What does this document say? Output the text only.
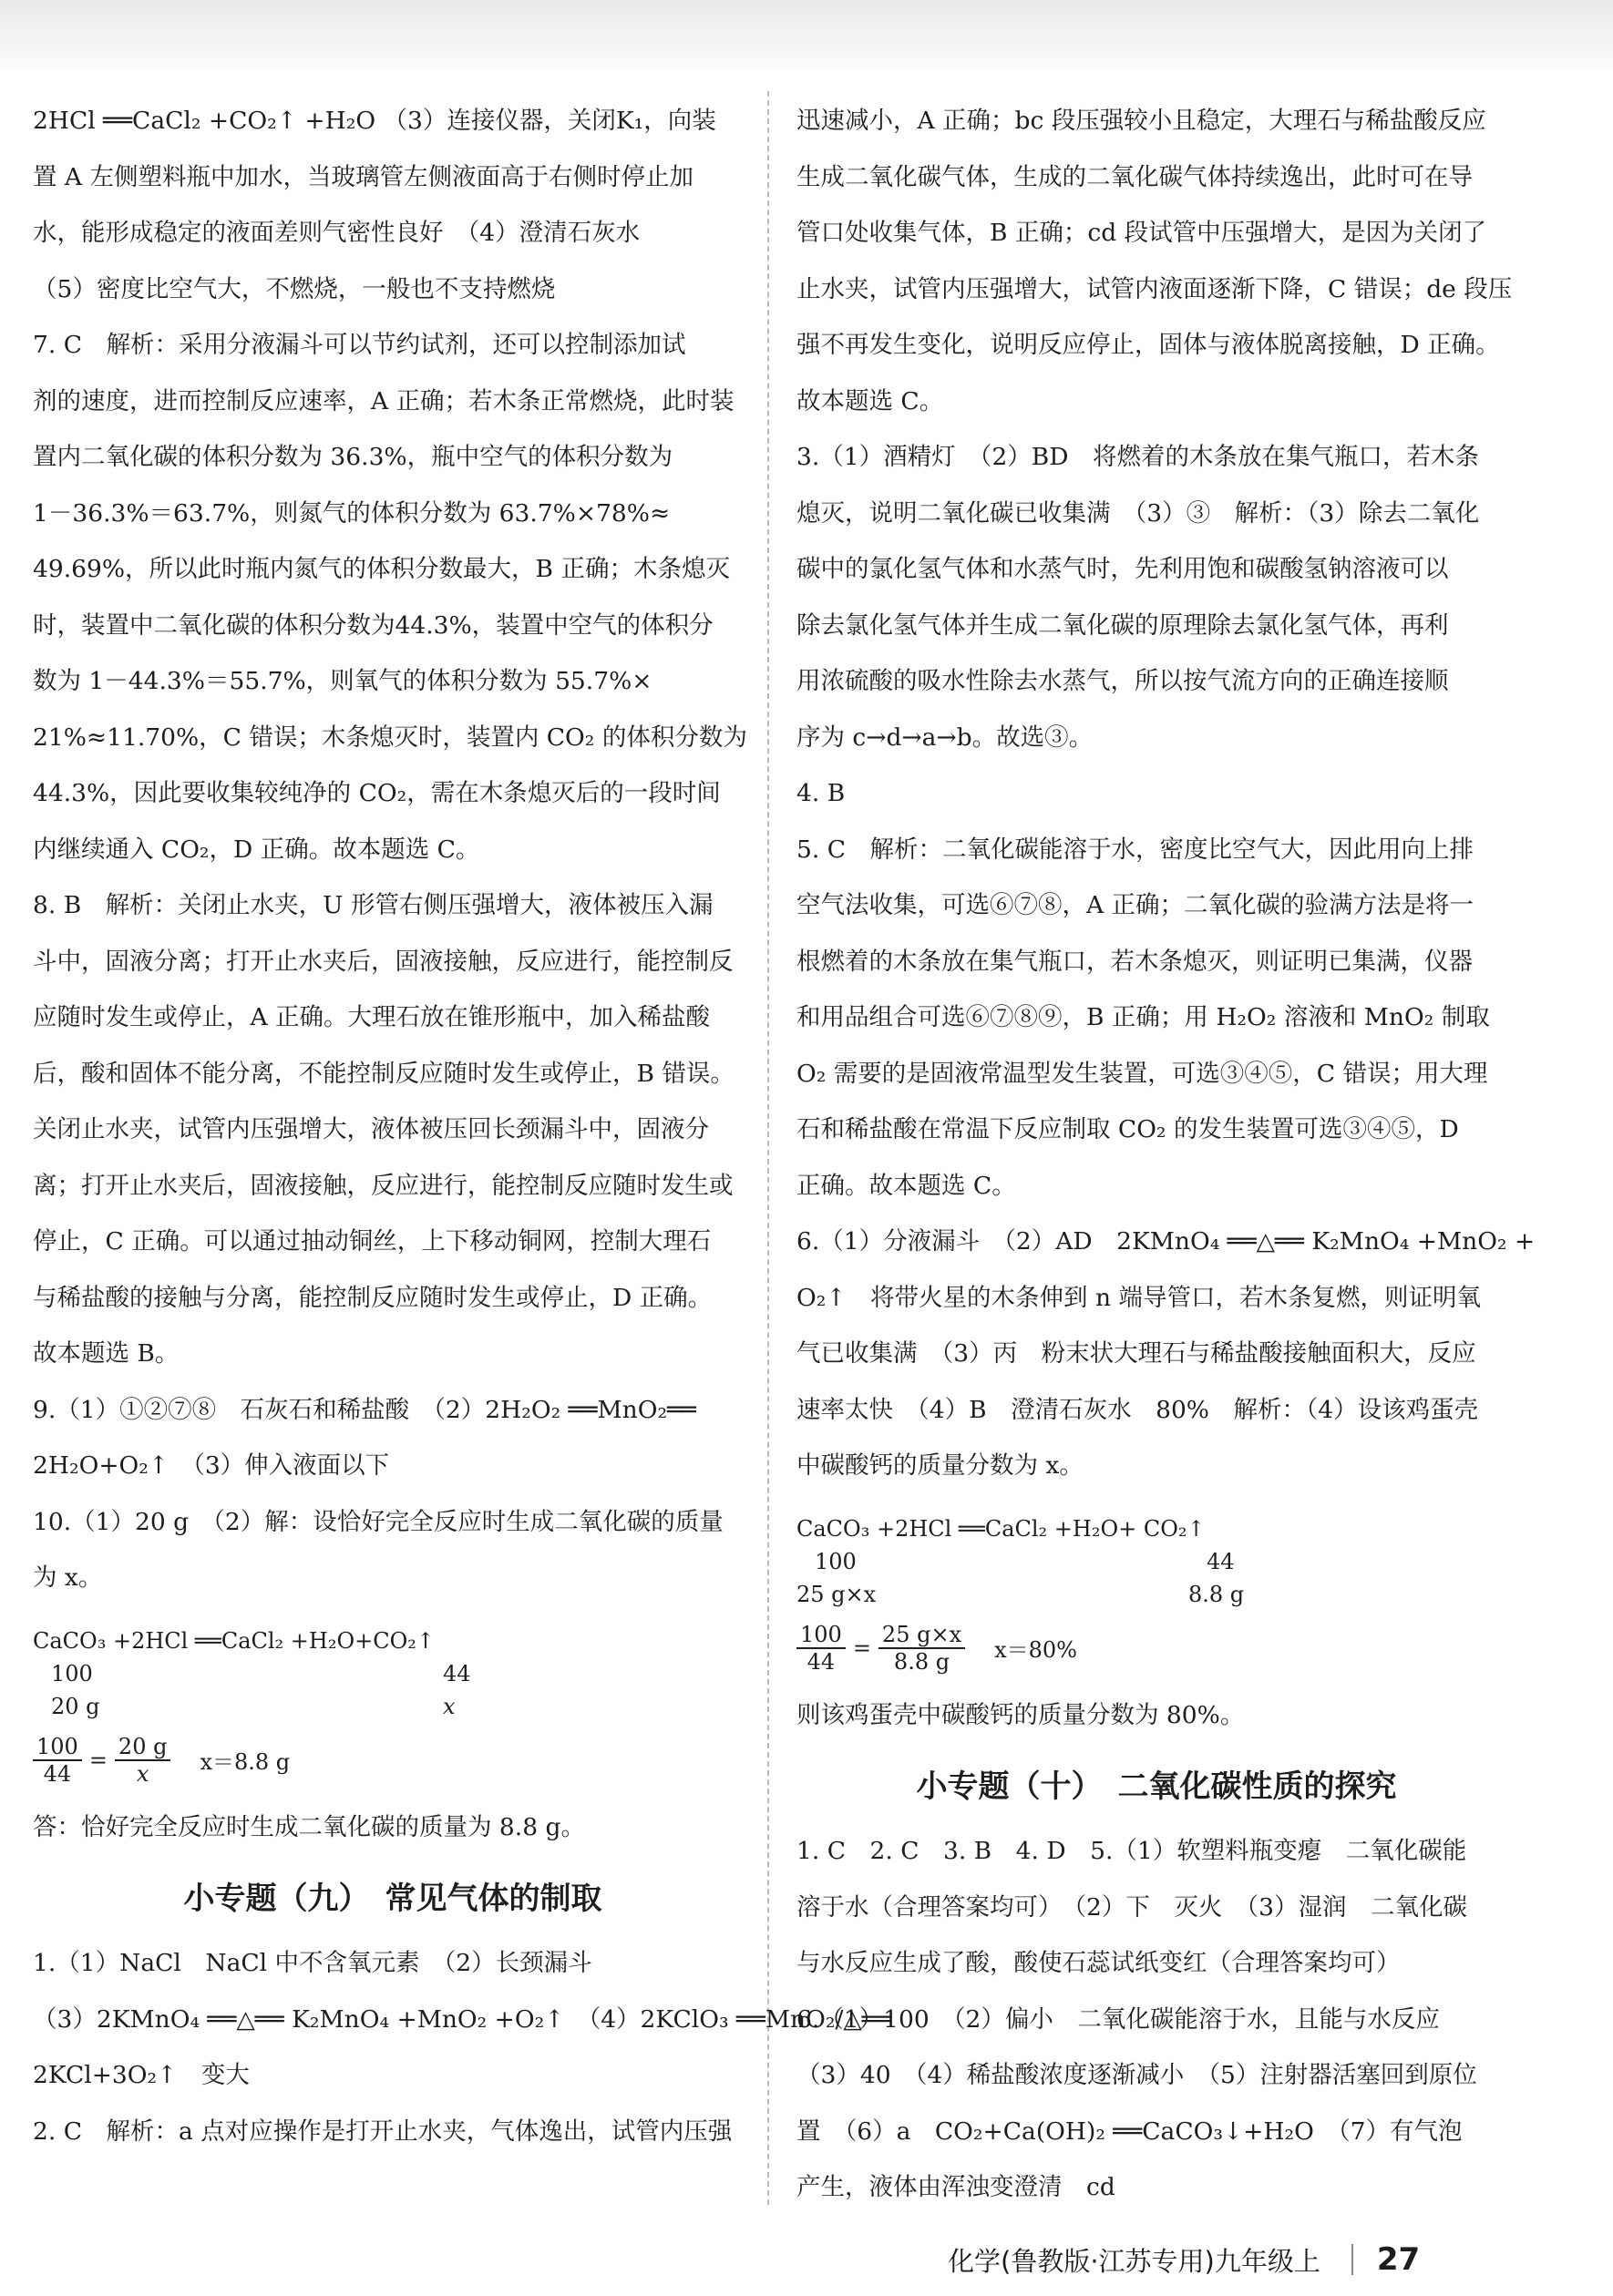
2HCl ══CaCl₂ +CO₂↑ +H₂O （3）连接仪器，关闭K₁，向装
置 A 左侧塑料瓶中加水，当玻璃管左侧液面高于右侧时停止加
水，能形成稳定的液面差则气密性良好　（4）澄清石灰水
（5）密度比空气大，不燃烧，一般也不支持燃烧
7. C　解析：采用分液漏斗可以节约试剂，还可以控制添加试
剂的速度，进而控制反应速率，A 正确；若木条正常燃烧，此时装
置内二氧化碳的体积分数为 36.3%，瓶中空气的体积分数为
1－36.3%＝63.7%，则氮气的体积分数为 63.7%×78%≈
49.69%，所以此时瓶内氮气的体积分数最大，B 正确；木条熄灭
时，装置中二氧化碳的体积分数为44.3%，装置中空气的体积分
数为 1－44.3%＝55.7%，则氧气的体积分数为 55.7%×
21%≈11.70%，C 错误；木条熄灭时，装置内 CO₂ 的体积分数为
44.3%，因此要收集较纯净的 CO₂，需在木条熄灭后的一段时间
内继续通入 CO₂，D 正确。故本题选 C。
8. B　解析：关闭止水夹，U 形管右侧压强增大，液体被压入漏
斗中，固液分离；打开止水夹后，固液接触，反应进行，能控制反
应随时发生或停止，A 正确。大理石放在锥形瓶中，加入稀盐酸
后，酸和固体不能分离，不能控制反应随时发生或停止，B 错误。
关闭止水夹，试管内压强增大，液体被压回长颈漏斗中，固液分
离；打开止水夹后，固液接触，反应进行，能控制反应随时发生或
停止，C 正确。可以通过抽动铜丝，上下移动铜网，控制大理石
与稀盐酸的接触与分离，能控制反应随时发生或停止，D 正确。
故本题选 B。
9.（1）①②⑦⑧　石灰石和稀盐酸　（2）2H₂O₂ ══MnO₂══
2H₂O+O₂↑　（3）伸入液面以下
10.（1）20 g　（2）解：设恰好完全反应时生成二氧化碳的质量
为 x。
CaCO₃ +2HCl ══CaCl₂ +H₂O+CO₂↑
100	44
20 g	x
$\frac{100}{44} = \frac{20 g}{x} x=8.8$ g
答：恰好完全反应时生成二氧化碳的质量为 8.8 g。
小专题（九）　常见气体的制取
1.（1）NaCl　NaCl 中不含氧元素　（2）长颈漏斗
（3）2KMnO₄ ══△══ K₂MnO₄ +MnO₂ +O₂↑　（4）2KClO₃ ══MnO₂/△══
2KCl+3O₂↑　变大
2. C　解析：a 点对应操作是打开止水夹，气体逸出，试管内压强
迅速减小，A 正确；bc 段压强较小且稳定，大理石与稀盐酸反应
生成二氧化碳气体，生成的二氧化碳气体持续逸出，此时可在导
管口处收集气体，B 正确；cd 段试管中压强增大，是因为关闭了
止水夹，试管内压强增大，试管内液面逐渐下降，C 错误；de 段压
强不再发生变化，说明反应停止，固体与液体脱离接触，D 正确。
故本题选 C。
3.（1）酒精灯　（2）BD　将燃着的木条放在集气瓶口，若木条
熄灭，说明二氧化碳已收集满　（3）③　解析：（3）除去二氧化
碳中的氯化氢气体和水蒸气时，先利用饱和碳酸氢钠溶液可以
除去氯化氢气体并生成二氧化碳的原理除去氯化氢气体，再利
用浓硫酸的吸水性除去水蒸气，所以按气流方向的正确连接顺
序为 c→d→a→b。故选③。
4. B
5. C　解析：二氧化碳能溶于水，密度比空气大，因此用向上排
空气法收集，可选⑥⑦⑧，A 正确；二氧化碳的验满方法是将一
根燃着的木条放在集气瓶口，若木条熄灭，则证明已集满，仪器
和用品组合可选⑥⑦⑧⑨，B 正确；用 H₂O₂ 溶液和 MnO₂ 制取
O₂ 需要的是固液常温型发生装置，可选③④⑤，C 错误；用大理
石和稀盐酸在常温下反应制取 CO₂ 的发生装置可选③④⑤，D
正确。故本题选 C。
6.（1）分液漏斗　（2）AD　2KMnO₄ ══△══ K₂MnO₄ +MnO₂ +
O₂↑　将带火星的木条伸到 n 端导管口，若木条复燃，则证明氧
气已收集满　（3）丙　粉末状大理石与稀盐酸接触面积大，反应
速率太快　（4）B　澄清石灰水　80%　解析：（4）设该鸡蛋壳
中碳酸钙的质量分数为 x。
CaCO₃ +2HCl ══CaCl₂ +H₂O+ CO₂↑
100	44
25 g×x	8.8 g
$\frac{100}{44} = \frac{25 g\times x}{8.8 g} x=80\%$
则该鸡蛋壳中碳酸钙的质量分数为 80%。
小专题（十）　二氧化碳性质的探究
1. C　2. C　3. B　4. D　5.（1）软塑料瓶变瘪　二氧化碳能
溶于水（合理答案均可）　（2）下　灭火　（3）湿润　二氧化碳
与水反应生成了酸，酸使石蕊试纸变红（合理答案均可）
6.（1）100　（2）偏小　二氧化碳能溶于水，且能与水反应
（3）40　（4）稀盐酸浓度逐渐减小　（5）注射器活塞回到原位
置　（6）a　CO₂+Ca(OH)₂ ══CaCO₃↓+H₂O　（7）有气泡
产生，液体由浑浊变澄清　cd
化学(鲁教版·江苏专用)九年级上 27
